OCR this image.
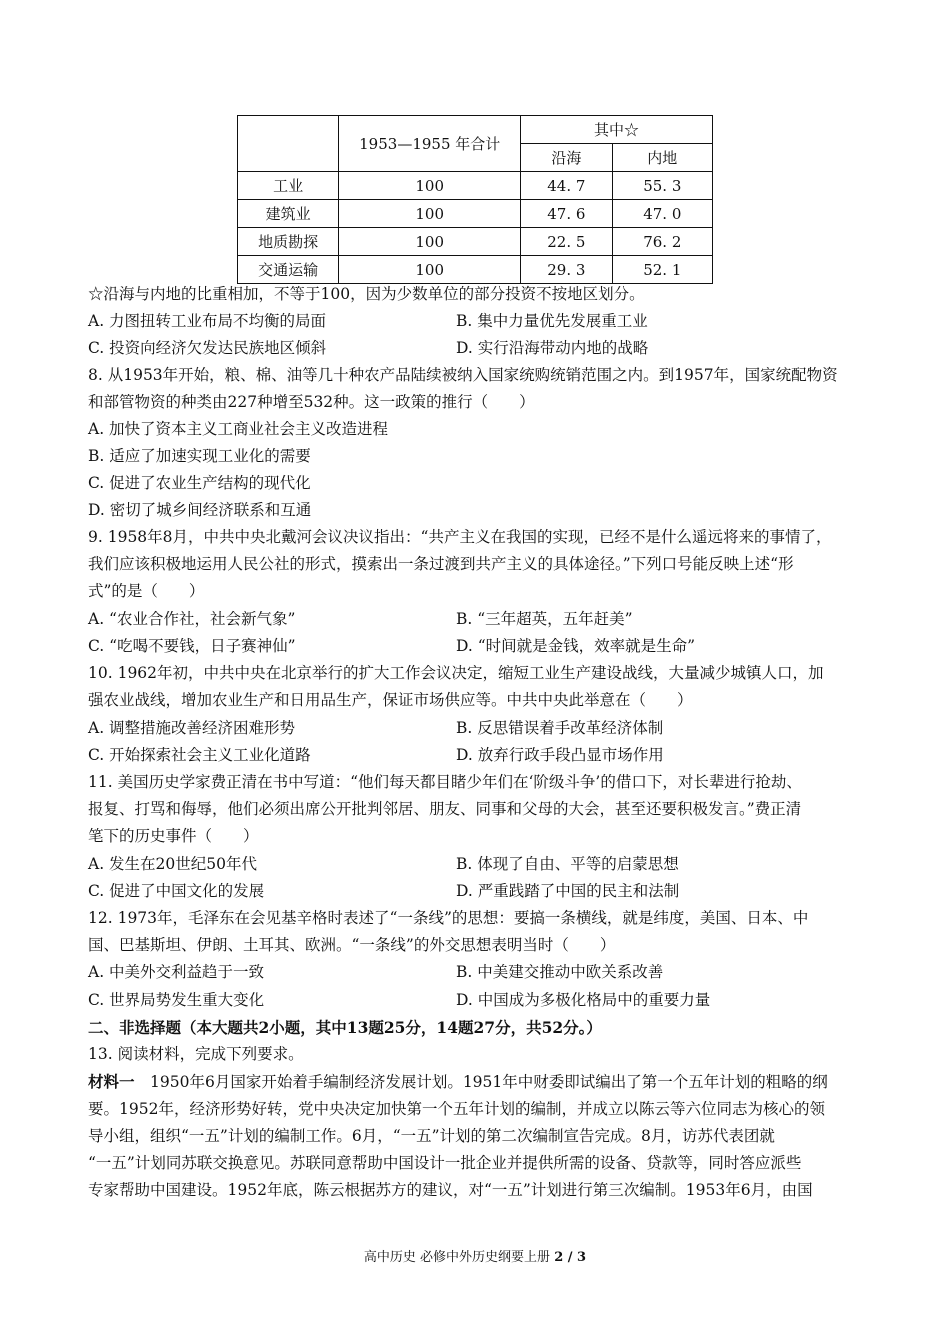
	1953—1955 年合计	其中☆	
		沿海	内地
工业	100	44. 7	55. 3
建筑业	100	47. 6	47. 0
地质勘探	100	22. 5	76. 2
交通运输	100	29. 3	52. 1
☆沿海与内地的比重相加，不等于100，因为少数单位的部分投资不按地区划分。
A. 力图扭转工业布局不均衡的局面	B. 集中力量优先发展重工业
C. 投资向经济欠发达民族地区倾斜	D. 实行沿海带动内地的战略
8. 从1953年开始，粮、棉、油等几十种农产品陆续被纳入国家统购统销范围之内。到1957年，国家统配物资
和部管物资的种类由227种增至532种。这一政策的推行（　　）
A. 加快了资本主义工商业社会主义改造进程
B. 适应了加速实现工业化的需要
C. 促进了农业生产结构的现代化
D. 密切了城乡间经济联系和互通
9. 1958年8月，中共中央北戴河会议决议指出：“共产主义在我国的实现，已经不是什么遥远将来的事情了，
我们应该积极地运用人民公社的形式，摸索出一条过渡到共产主义的具体途径。”下列口号能反映上述“形
式”的是（　　）
A. “农业合作社，社会新气象”	B. “三年超英，五年赶美”
C. “吃喝不要钱，日子赛神仙”	D. “时间就是金钱，效率就是生命”
10. 1962年初，中共中央在北京举行的扩大工作会议决定，缩短工业生产建设战线，大量减少城镇人口，加
强农业战线，增加农业生产和日用品生产，保证市场供应等。中共中央此举意在（　　）
A. 调整措施改善经济困难形势	B. 反思错误着手改革经济体制
C. 开始探索社会主义工业化道路	D. 放弃行政手段凸显市场作用
11. 美国历史学家费正清在书中写道：“他们每天都目睹少年们在‘阶级斗争’的借口下，对长辈进行抢劫、
报复、打骂和侮辱，他们必须出席公开批判邻居、朋友、同事和父母的大会，甚至还要积极发言。”费正清
笔下的历史事件（　　）
A. 发生在20世纪50年代	B. 体现了自由、平等的启蒙思想
C. 促进了中国文化的发展	D. 严重践踏了中国的民主和法制
12. 1973年，毛泽东在会见基辛格时表述了“一条线”的思想：要搞一条横线，就是纬度，美国、日本、中
国、巴基斯坦、伊朗、土耳其、欧洲。“一条线”的外交思想表明当时（　　）
A. 中美外交利益趋于一致	B. 中美建交推动中欧关系改善
C. 世界局势发生重大变化	D. 中国成为多极化格局中的重要力量
二、非选择题（本大题共2小题，其中13题25分，14题27分，共52分。）
13. 阅读材料，完成下列要求。
材料一　1950年6月国家开始着手编制经济发展计划。1951年中财委即试编出了第一个五年计划的粗略的纲
要。1952年，经济形势好转，党中央决定加快第一个五年计划的编制，并成立以陈云等六位同志为核心的领
导小组，组织“一五”计划的编制工作。6月，“一五”计划的第二次编制宣告完成。8月，访苏代表团就
“一五”计划同苏联交换意见。苏联同意帮助中国设计一批企业并提供所需的设备、贷款等，同时答应派些
专家帮助中国建设。1952年底，陈云根据苏方的建议，对“一五”计划进行第三次编制。1953年6月，由国
高中历史 必修中外历史纲要上册 2 / 3
